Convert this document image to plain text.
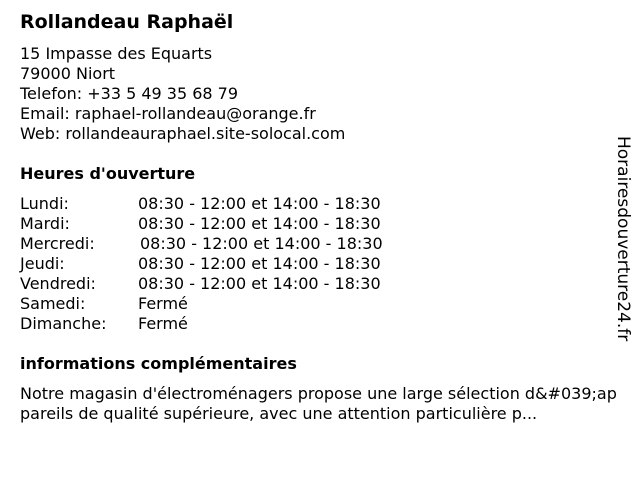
Rollandeau Raphaël
15 Impasse des Equarts
79000 Niort
Telefon: +33 5 49 35 68 79
Email: raphael-rollandeau@orange.fr
Web: rollandeauraphael.site-solocal.com
Heures d'ouverture
Lundi:	08:30 - 12:00 et 14:00 - 18:30
Mardi:	08:30 - 12:00 et 14:00 - 18:30
Mercredi:	08:30 - 12:00 et 14:00 - 18:30
Jeudi:	08:30 - 12:00 et 14:00 - 18:30
Vendredi:	08:30 - 12:00 et 14:00 - 18:30
Samedi:	Fermé
Dimanche: Fermé
informations complémentaires
Notre magasin d'électroménagers propose une large sélection d&#039;appareils de qualité supérieure, avec une attention particulière p...
Horairesdouverture24.fr
